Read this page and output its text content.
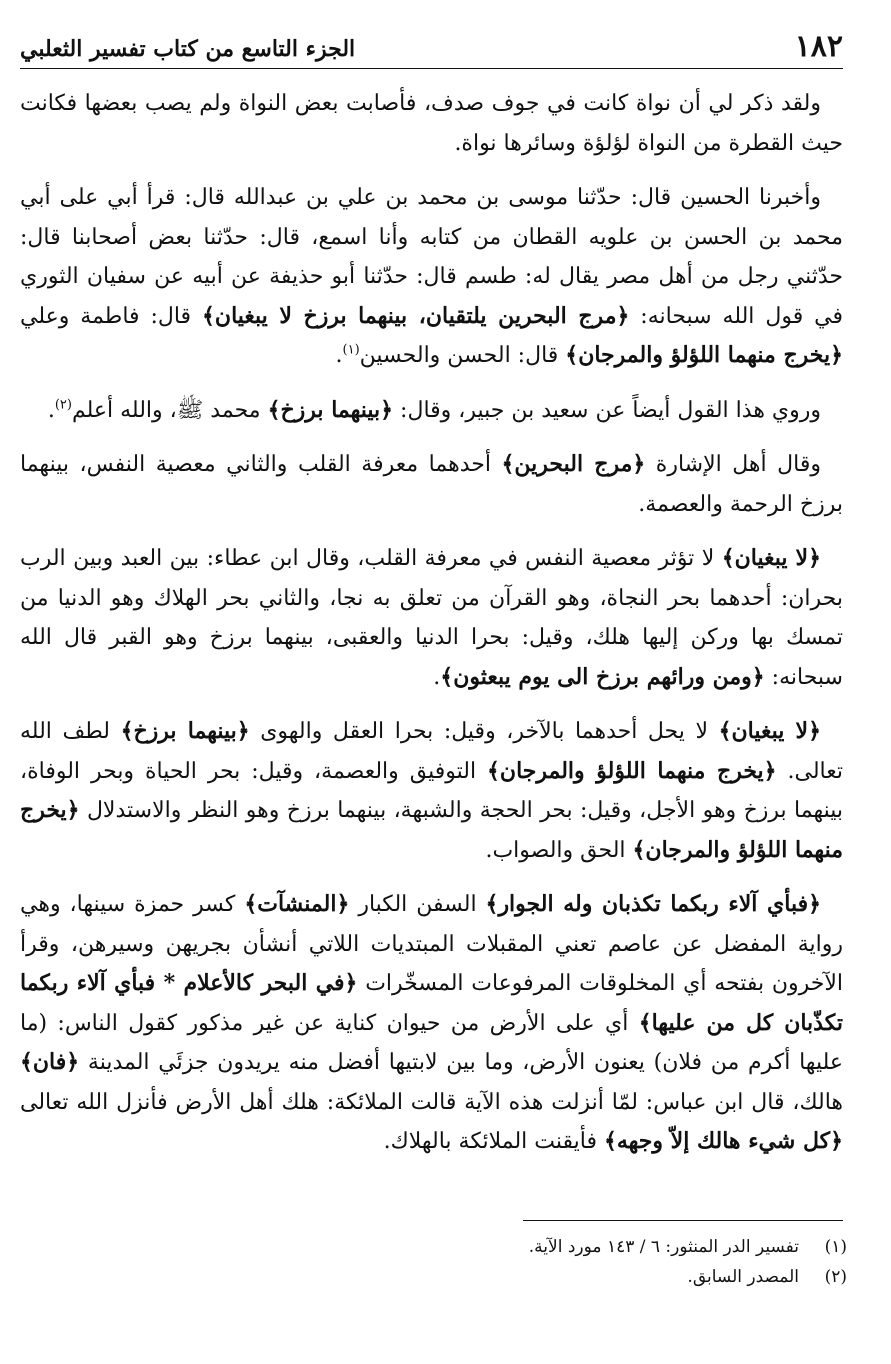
١٨٢
الجزء التاسع من كتاب تفسير الثعلبي

ولقد ذكر لي أن نواة كانت في جوف صدف، فأصابت بعض النواة ولم يصب بعضها فكانت حيث القطرة من النواة لؤلؤة وسائرها نواة.

وأخبرنا الحسين قال: حدّثنا موسى بن محمد بن علي بن عبدالله قال: قرأ أبي على أبي محمد بن الحسن بن علويه القطان من كتابه وأنا اسمع، قال: حدّثنا بعض أصحابنا قال: حدّثني رجل من أهل مصر يقال له: طسم قال: حدّثنا أبو حذيفة عن أبيه عن سفيان الثوري في قول الله سبحانه: ﴿مرج البحرين يلتقيان، بينهما برزخ لا يبغيان﴾ قال: فاطمة وعلي ﴿يخرج منهما اللؤلؤ والمرجان﴾ قال: الحسن والحسين$^{(١)}$.

وروي هذا القول أيضاً عن سعيد بن جبير، وقال: ﴿بينهما برزخ﴾ محمد ﷺ، والله أعلم$^{(٢)}$.

وقال أهل الإشارة ﴿مرج البحرين﴾ أحدهما معرفة القلب والثاني معصية النفس، بينهما برزخ الرحمة والعصمة.

﴿لا يبغيان﴾ لا تؤثر معصية النفس في معرفة القلب، وقال ابن عطاء: بين العبد وبين الرب بحران: أحدهما بحر النجاة، وهو القرآن من تعلق به نجا، والثاني بحر الهلاك وهو الدنيا من تمسك بها وركن إليها هلك، وقيل: بحرا الدنيا والعقبى، بينهما برزخ وهو القبر قال الله سبحانه: ﴿ومن ورائهم برزخ الى يوم يبعثون﴾.

﴿لا يبغيان﴾ لا يحل أحدهما بالآخر، وقيل: بحرا العقل والهوى ﴿بينهما برزخ﴾ لطف الله تعالى. ﴿يخرج منهما اللؤلؤ والمرجان﴾ التوفيق والعصمة، وقيل: بحر الحياة وبحر الوفاة، بينهما برزخ وهو الأجل، وقيل: بحر الحجة والشبهة، بينهما برزخ وهو النظر والاستدلال ﴿يخرج منهما اللؤلؤ والمرجان﴾ الحق والصواب.

﴿فبأي آلاء ربكما تكذبان وله الجوار﴾ السفن الكبار ﴿المنشآت﴾ كسر حمزة سينها، وهي رواية المفضل عن عاصم تعني المقبلات المبتديات اللاتي أنشأن بجريهن وسيرهن، وقرأ الآخرون بفتحه أي المخلوقات المرفوعات المسخّرات ﴿في البحر كالأعلام * فبأي آلاء ربكما تكذّبان كل من عليها﴾ أي على الأرض من حيوان كناية عن غير مذكور كقول الناس: (ما عليها أكرم من فلان) يعنون الأرض، وما بين لابتيها أفضل منه يريدون جزئَي المدينة ﴿فان﴾ هالك، قال ابن عباس: لمّا أنزلت هذه الآية قالت الملائكة: هلك أهل الأرض فأنزل الله تعالى ﴿كل شيء هالك إلاّ وجهه﴾ فأيقنت الملائكة بالهلاك.

(١)
تفسير الدر المنثور: ٦ / ١٤٣ مورد الآية.
(٢)
المصدر السابق.
